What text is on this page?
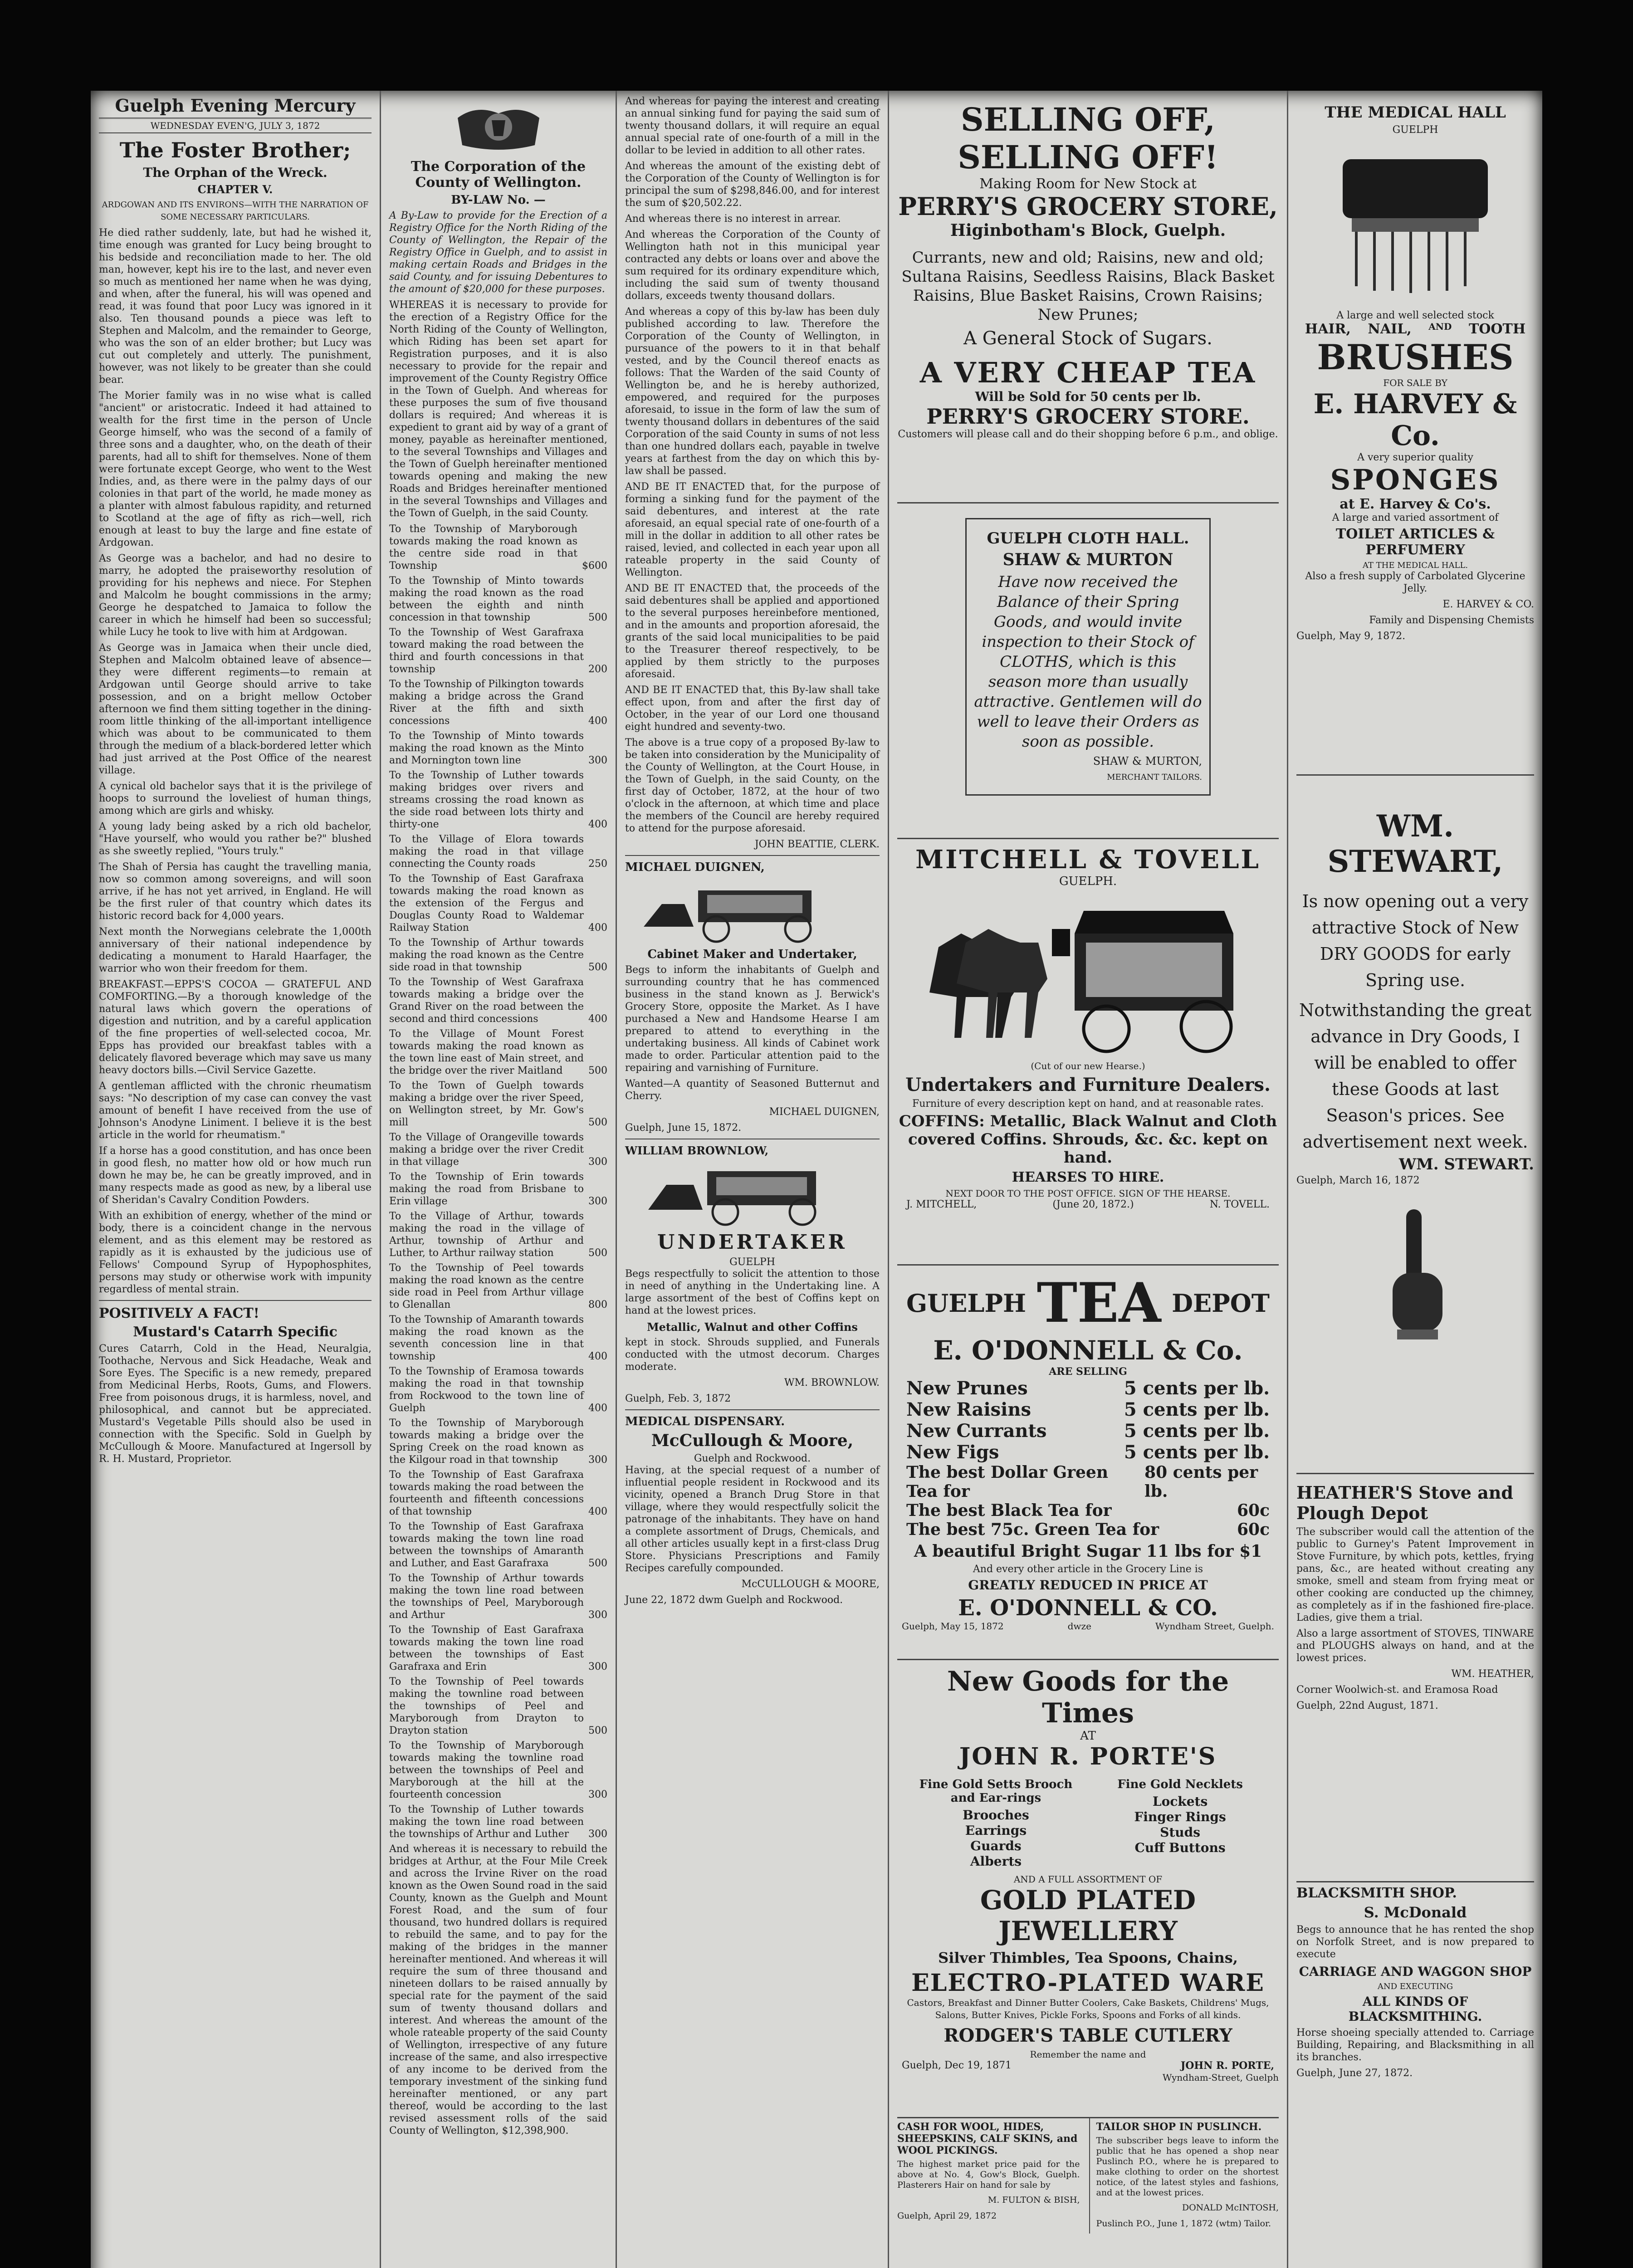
Guelph Evening Mercury
WEDNESDAY EVEN'G, JULY 3, 1872
The Foster Brother;
The Orphan of the Wreck.
CHAPTER V.

ARDGOWAN AND ITS ENVIRONS—WITH THE NARRATION OF SOME NECESSARY PARTICULARS.

He died rather suddenly, late, but had he wished it, time enough was granted for Lucy being brought to his bedside and reconciliation made to her. The old man, however, kept his ire to the last, and never even so much as mentioned her name when he was dying, and when, after the funeral, his will was opened and read, it was found that poor Lucy was ignored in it also. Ten thousand pounds a piece was left to Stephen and Malcolm, and the remainder to George, who was the son of an elder brother; but Lucy was cut out completely and utterly. The punishment, however, was not likely to be greater than she could bear.

The Morier family was in no wise what is called "ancient" or aristocratic. Indeed it had attained to wealth for the first time in the person of Uncle George himself, who was the second of a family of three sons and a daughter, who, on the death of their parents, had all to shift for themselves. None of them were fortunate except George, who went to the West Indies, and, as there were in the palmy days of our colonies in that part of the world, he made money as a planter with almost fabulous rapidity, and returned to Scotland at the age of fifty as rich—well, rich enough at least to buy the large and fine estate of Ardgowan.

As George was a bachelor, and had no desire to marry, he adopted the praiseworthy resolution of providing for his nephews and niece. For Stephen and Malcolm he bought commissions in the army; George he despatched to Jamaica to follow the career in which he himself had been so successful; while Lucy he took to live with him at Ardgowan.

As George was in Jamaica when their uncle died, Stephen and Malcolm obtained leave of absence—they were different regiments—to remain at Ardgowan until George should arrive to take possession, and on a bright mellow October afternoon we find them sitting together in the dining-room little thinking of the all-important intelligence which was about to be communicated to them through the medium of a black-bordered letter which had just arrived at the Post Office of the nearest village.

A cynical old bachelor says that it is the privilege of hoops to surround the loveliest of human things, among which are girls and whisky.

A young lady being asked by a rich old bachelor, "Have yourself, who would you rather be?" blushed as she sweetly replied, "Yours truly."

The Shah of Persia has caught the travelling mania, now so common among sovereigns, and will soon arrive, if he has not yet arrived, in England. He will be the first ruler of that country which dates its historic record back for 4,000 years.

Next month the Norwegians celebrate the 1,000th anniversary of their national independence by dedicating a monument to Harald Haarfager, the warrior who won their freedom for them.

BREAKFAST.—EPPS'S COCOA — GRATEFUL AND COMFORTING.—By a thorough knowledge of the natural laws which govern the operations of digestion and nutrition, and by a careful application of the fine properties of well-selected cocoa, Mr. Epps has provided our breakfast tables with a delicately flavored beverage which may save us many heavy doctors bills.—Civil Service Gazette.

A gentleman afflicted with the chronic rheumatism says: "No description of my case can convey the vast amount of benefit I have received from the use of Johnson's Anodyne Liniment. I believe it is the best article in the world for rheumatism."

If a horse has a good constitution, and has once been in good flesh, no matter how old or how much run down he may be, he can be greatly improved, and in many respects made as good as new, by a liberal use of Sheridan's Cavalry Condition Powders.

With an exhibition of energy, whether of the mind or body, there is a coincident change in the nervous element, and as this element may be restored as rapidly as it is exhausted by the judicious use of Fellows' Compound Syrup of Hypophosphites, persons may study or otherwise work with impunity regardless of mental strain.

POSITIVELY A FACT!
Mustard's Catarrh Specific

Cures Catarrh, Cold in the Head, Neuralgia, Toothache, Nervous and Sick Headache, Weak and Sore Eyes. The Specific is a new remedy, prepared from Medicinal Herbs, Roots, Gums, and Flowers. Free from poisonous drugs, it is harmless, novel, and philosophical, and cannot but be appreciated. Mustard's Vegetable Pills should also be used in connection with the Specific. Sold in Guelph by McCullough & Moore. Manufactured at Ingersoll by R. H. Mustard, Proprietor.

The Corporation of the County of Wellington.
BY-LAW No. —

A By-Law to provide for the Erection of a Registry Office for the North Riding of the County of Wellington, the Repair of the Registry Office in Guelph, and to assist in making certain Roads and Bridges in the said County, and for issuing Debentures to the amount of $20,000 for these purposes.

WHEREAS it is necessary to provide for the erection of a Registry Office for the North Riding of the County of Wellington, which Riding has been set apart for Registration purposes, and it is also necessary to provide for the repair and improvement of the County Registry Office in the Town of Guelph. And whereas for these purposes the sum of five thousand dollars is required; And whereas it is expedient to grant aid by way of a grant of money, payable as hereinafter mentioned, to the several Townships and Villages and the Town of Guelph hereinafter mentioned towards opening and making the new Roads and Bridges hereinafter mentioned in the several Townships and Villages and the Town of Guelph, in the said County.

To the Township of Maryborough towards making the road known as the centre side road in that Township	$600
To the Township of Minto towards making the road known as the road between the eighth and ninth concession in that township	500
To the Township of West Garafraxa toward making the road between the third and fourth concessions in that township	200
To the Township of Pilkington towards making a bridge across the Grand River at the fifth and sixth concessions	400
To the Township of Minto towards making the road known as the Minto and Mornington town line	300
To the Township of Luther towards making bridges over rivers and streams crossing the road known as the side road between lots thirty and thirty-one	400
To the Village of Elora towards making the road in that village connecting the County roads	250
To the Township of East Garafraxa towards making the road known as the extension of the Fergus and Douglas County Road to Waldemar Railway Station	400
To the Township of Arthur towards making the road known as the Centre side road in that township	500
To the Township of West Garafraxa towards making a bridge over the Grand River on the road between the second and third concessions	400
To the Village of Mount Forest towards making the road known as the town line east of Main street, and the bridge over the river Maitland	500
To the Town of Guelph towards making a bridge over the river Speed, on Wellington street, by Mr. Gow's mill	500
To the Village of Orangeville towards making a bridge over the river Credit in that village	300
To the Township of Erin towards making the road from Brisbane to Erin village	300
To the Village of Arthur, towards making the road in the village of Arthur, township of Arthur and Luther, to Arthur railway station	500
To the Township of Peel towards making the road known as the centre side road in Peel from Arthur village to Glenallan	800
To the Township of Amaranth towards making the road known as the seventh concession line in that township	400
To the Township of Eramosa towards making the road in that township from Rockwood to the town line of Guelph	400
To the Township of Maryborough towards making a bridge over the Spring Creek on the road known as the Kilgour road in that township	300
To the Township of East Garafraxa towards making the road between the fourteenth and fifteenth concessions of that township	400
To the Township of East Garafraxa towards making the town line road between the townships of Amaranth and Luther, and East Garafraxa	500
To the Township of Arthur towards making the town line road between the townships of Peel, Maryborough and Arthur	300
To the Township of East Garafraxa towards making the town line road between the townships of East Garafraxa and Erin	300
To the Township of Peel towards making the townline road between the townships of Peel and Maryborough from Drayton to Drayton station	500
To the Township of Maryborough towards making the townline road between the townships of Peel and Maryborough at the hill at the fourteenth concession	300
To the Township of Luther towards making the town line road between the townships of Arthur and Luther	300

And whereas it is necessary to rebuild the bridges at Arthur, at the Four Mile Creek and across the Irvine River on the road known as the Owen Sound road in the said County, known as the Guelph and Mount Forest Road, and the sum of four thousand, two hundred dollars is required to rebuild the same, and to pay for the making of the bridges in the manner hereinafter mentioned. And whereas it will require the sum of three thousand and nineteen dollars to be raised annually by special rate for the payment of the said sum of twenty thousand dollars and interest. And whereas the amount of the whole rateable property of the said County of Wellington, irrespective of any future increase of the same, and also irrespective of any income to be derived from the temporary investment of the sinking fund hereinafter mentioned, or any part thereof, would be according to the last revised assessment rolls of the said County of Wellington, $12,398,900.

And whereas for paying the interest and creating an annual sinking fund for paying the said sum of twenty thousand dollars, it will require an equal annual special rate of one-fourth of a mill in the dollar to be levied in addition to all other rates.

And whereas the amount of the existing debt of the Corporation of the County of Wellington is for principal the sum of $298,846.00, and for interest the sum of $20,502.22.

And whereas there is no interest in arrear.

And whereas the Corporation of the County of Wellington hath not in this municipal year contracted any debts or loans over and above the sum required for its ordinary expenditure which, including the said sum of twenty thousand dollars, exceeds twenty thousand dollars.

And whereas a copy of this by-law has been duly published according to law. Therefore the Corporation of the County of Wellington, in pursuance of the powers to it in that behalf vested, and by the Council thereof enacts as follows: That the Warden of the said County of Wellington be, and he is hereby authorized, empowered, and required for the purposes aforesaid, to issue in the form of law the sum of twenty thousand dollars in debentures of the said Corporation of the said County in sums of not less than one hundred dollars each, payable in twelve years at farthest from the day on which this by-law shall be passed.

AND BE IT ENACTED that, for the purpose of forming a sinking fund for the payment of the said debentures, and interest at the rate aforesaid, an equal special rate of one-fourth of a mill in the dollar in addition to all other rates be raised, levied, and collected in each year upon all rateable property in the said County of Wellington.

AND BE IT ENACTED that, the proceeds of the said debentures shall be applied and apportioned to the several purposes hereinbefore mentioned, and in the amounts and proportion aforesaid, the grants of the said local municipalities to be paid to the Treasurer thereof respectively, to be applied by them strictly to the purposes aforesaid.

AND BE IT ENACTED that, this By-law shall take effect upon, from and after the first day of October, in the year of our Lord one thousand eight hundred and seventy-two.

The above is a true copy of a proposed By-law to be taken into consideration by the Municipality of the County of Wellington, at the Court House, in the Town of Guelph, in the said County, on the first day of October, 1872, at the hour of two o'clock in the afternoon, at which time and place the members of the Council are hereby required to attend for the purpose aforesaid.

JOHN BEATTIE, CLERK.
MICHAEL DUIGNEN,
Cabinet Maker and Undertaker,

Begs to inform the inhabitants of Guelph and surrounding country that he has commenced business in the stand known as J. Berwick's Grocery Store, opposite the Market. As I have purchased a New and Handsome Hearse I am prepared to attend to everything in the undertaking business. All kinds of Cabinet work made to order. Particular attention paid to the repairing and varnishing of Furniture.

Wanted—A quantity of Seasoned Butternut and Cherry.

MICHAEL DUIGNEN,
Guelph, June 15, 1872.
WILLIAM BROWNLOW,
UNDERTAKER
GUELPH

Begs respectfully to solicit the attention to those in need of anything in the Undertaking line. A large assortment of the best of Coffins kept on hand at the lowest prices.

Metallic, Walnut and other Coffins

kept in stock. Shrouds supplied, and Funerals conducted with the utmost decorum. Charges moderate.

WM. BROWNLOW.
Guelph, Feb. 3, 1872
MEDICAL DISPENSARY.
McCullough & Moore,
Guelph and Rockwood.

Having, at the special request of a number of influential people resident in Rockwood and its vicinity, opened a Branch Drug Store in that village, where they would respectfully solicit the patronage of the inhabitants. They have on hand a complete assortment of Drugs, Chemicals, and all other articles usually kept in a first-class Drug Store. Physicians Prescriptions and Family Recipes carefully compounded.

McCULLOUGH & MOORE,
June 22, 1872 dwm Guelph and Rockwood.
SELLING OFF, SELLING OFF!
Making Room for New Stock at
PERRY'S GROCERY STORE,
Higinbotham's Block, Guelph.

Currants, new and old; Raisins, new and old; Sultana Raisins, Seedless Raisins, Black Basket Raisins, Blue Basket Raisins, Crown Raisins; New Prunes;

A General Stock of Sugars.
A VERY CHEAP TEA
Will be Sold for 50 cents per lb.
PERRY'S GROCERY STORE.
Customers will please call and do their shopping before 6 p.m., and oblige.
GUELPH CLOTH HALL.
SHAW & MURTON

Have now received the Balance of their Spring Goods, and would invite inspection to their Stock of CLOTHS, which is this season more than usually attractive. Gentlemen will do well to leave their Orders as soon as possible.

SHAW & MURTON,
MERCHANT TAILORS.
MITCHELL & TOVELL
GUELPH.
(Cut of our new Hearse.)
Undertakers and Furniture Dealers.
Furniture of every description kept on hand, and at reasonable rates.
COFFINS: Metallic, Black Walnut and Cloth covered Coffins. Shrouds, &c. &c. kept on hand.
HEARSES TO HIRE.
NEXT DOOR TO THE POST OFFICE. SIGN OF THE HEARSE.
J. MITCHELL,	(June 20, 1872.)	N. TOVELL.
GUELPH TEA DEPOT
E. O'DONNELL & Co.
ARE SELLING
New Prunes	5 cents per lb.
New Raisins	5 cents per lb.
New Currants	5 cents per lb.
New Figs	5 cents per lb.
The best Dollar Green Tea for
80 cents per lb.
The best Black Tea for	60c
The best 75c. Green Tea for	60c
A beautiful Bright Sugar 11 lbs for $1
And every other article in the Grocery Line is
GREATLY REDUCED IN PRICE AT
E. O'DONNELL & CO.
Guelph, May 15, 1872	dwze	Wyndham Street, Guelph.
New Goods for the Times
AT
JOHN R. PORTE'S
Fine Gold Setts Brooch and Ear-rings
Brooches
Earrings
Guards
Alberts
Fine Gold Necklets
Lockets
Finger Rings
Studs
Cuff Buttons
AND A FULL ASSORTMENT OF
GOLD PLATED JEWELLERY
Silver Thimbles, Tea Spoons, Chains,
ELECTRO-PLATED WARE

Castors, Breakfast and Dinner Butter Coolers, Cake Baskets, Childrens' Mugs, Salons, Butter Knives, Pickle Forks, Spoons and Forks of all kinds.

RODGER'S TABLE CUTLERY
Remember the name and
Guelph, Dec 19, 1871	JOHN R. PORTE,
Wyndham-Street, Guelph
CASH FOR WOOL, HIDES, SHEEPSKINS, CALF SKINS, and WOOL PICKINGS.

The highest market price paid for the above at No. 4, Gow's Block, Guelph. Plasterers Hair on hand for sale by

M. FULTON & BISH,
Guelph, April 29, 1872
TAILOR SHOP IN PUSLINCH.

The subscriber begs leave to inform the public that he has opened a shop near Puslinch P.O., where he is prepared to make clothing to order on the shortest notice, of the latest styles and fashions, and at the lowest prices.

DONALD McINTOSH,
Puslinch P.O., June 1, 1872 (wtm) Tailor.
THE MEDICAL HALL
GUELPH
A large and well selected stock
HAIR, NAIL, AND TOOTH
BRUSHES
FOR SALE BY
E. HARVEY & Co.
A very superior quality
SPONGES
at E. Harvey & Co's.
A large and varied assortment of
TOILET ARTICLES & PERFUMERY
AT THE MEDICAL HALL.

Also a fresh supply of Carbolated Glycerine Jelly.

E. HARVEY & CO.
Family and Dispensing Chemists
Guelph, May 9, 1872.
WM. STEWART,

Is now opening out a very attractive Stock of New DRY GOODS for early Spring use.

Notwithstanding the great advance in Dry Goods, I will be enabled to offer these Goods at last Season's prices. See advertisement next week.

WM. STEWART.
Guelph, March 16, 1872
HEATHER'S Stove and Plough Depot

The subscriber would call the attention of the public to Gurney's Patent Improvement in Stove Furniture, by which pots, kettles, frying pans, &c., are heated without creating any smoke, smell and steam from frying meat or other cooking are conducted up the chimney, as completely as if in the fashioned fire-place. Ladies, give them a trial.

Also a large assortment of STOVES, TINWARE and PLOUGHS always on hand, and at the lowest prices.

WM. HEATHER,
Corner Woolwich-st. and Eramosa Road
Guelph, 22nd August, 1871.
BLACKSMITH SHOP.
S. McDonald

Begs to announce that he has rented the shop on Norfolk Street, and is now prepared to execute

CARRIAGE AND WAGGON SHOP
AND EXECUTING
ALL KINDS OF BLACKSMITHING.

Horse shoeing specially attended to. Carriage Building, Repairing, and Blacksmithing in all its branches.

Guelph, June 27, 1872.
